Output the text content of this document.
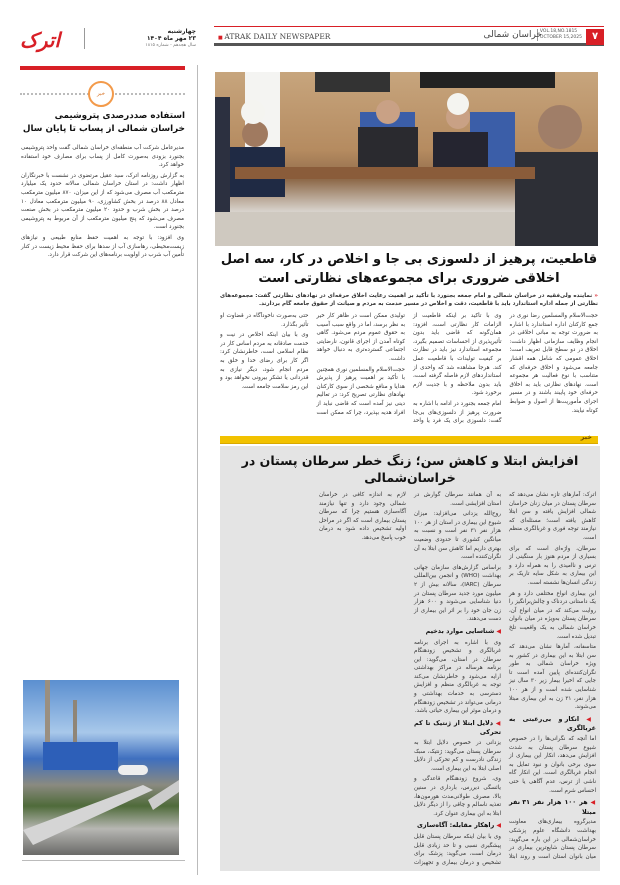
۷
VOL.18,NO.1815
OCTOBER 15,2025
خراسان شمالی
■ ATRAK DAILY NEWSPAPER
اترک	چهارشنبه
۲۳ مهر ماه ۱۴۰۴
سال هجدهم - شماره ۱۸۱۵
خبر
استفاده صددرصدی پتروشیمی
خراسان شمالی از پساب تا پایان سال

مدیرعامل شرکت آب منطقه‌ای خراسان شمالی گفت واحد پتروشیمی بجنورد بزودی به‌صورت کامل از پساب برای مصارف خود استفاده خواهد کرد.

به گزارش روزنامه اترک، سید عقیل مرتضوی در نشست با خبرنگاران اظهار داشت: در استان خراسان شمالی سالانه حدود یک میلیارد مترمکعب آب مصرف می‌شود که از این میزان، ۸۷۰ میلیون مترمکعب معادل ۸۸ درصد در بخش کشاورزی، ۹۰ میلیون مترمکعب معادل ۱۰ درصد در بخش شرب و حدود ۲۰ میلیون مترمکعب در بخش صنعت مصرف می‌شود که پنج میلیون مترمکعب از آن مربوط به پتروشیمی بجنورد است.

وی افزود: با توجه به اهمیت حفظ منابع طبیعی و نیازهای زیست‌محیطی، رهاسازی آب از سدها برای حفظ محیط زیست در کنار تأمین آب شرب در اولویت برنامه‌های این شرکت قرار دارد.	قاطعیت، پرهیز از دلسوزی بی جا و اخلاص در کار، سه اصل اخلاقی ضروری برای مجموعه‌های نظارتی است
« نماینده ولی‌فقیه در خراسان شمالی و امام جمعه بجنورد با تأکید بر اهمیت رعایت اخلاق حرفه‌ای در نهادهای نظارتی گفت: مجموعه‌های نظارتی از جمله اداره استاندارد باید با قاطعیت، دقت و اخلاص در مسیر خدمت به مردم و صیانت از حقوق جامعه گام بردارند.

حجت‌الاسلام والمسلمین رضا نوری در جمع کارکنان اداره استاندارد با اشاره به ضرورت توجه به مبانی اخلاقی در انجام وظایف سازمانی اظهار داشت: اخلاق در دو سطح قابل تعریف است؛ اخلاق عمومی که شامل همه اقشار جامعه می‌شود و اخلاق حرفه‌ای که متناسب با نوع فعالیت هر مجموعه است. نهادهای نظارتی باید به اخلاق حرفه‌ای خود پایبند باشند و در مسیر اجرای مأموریت‌ها از اصول و ضوابط کوتاه نیایند.

وی با تأکید بر اینکه قاطعیت از الزامات کار نظارتی است، افزود: همان‌گونه که قاضی باید بدون تأثیرپذیری از احساسات تصمیم بگیرد، مجموعه استاندارد نیز باید در نظارت بر کیفیت تولیدات با قاطعیت عمل کند. هرجا مشاهده شد که واحدی از استانداردهای لازم فاصله گرفته است، باید بدون ملاحظه و با جدیت لازم برخورد شود.

امام جمعه بجنورد در ادامه با اشاره به ضرورت پرهیز از دلسوزی‌های بی‌جا گفت: دلسوزی برای یک فرد یا واحد تولیدی ممکن است در ظاهر کار خیر به نظر برسد، اما در واقع سبب آسیب به حقوق عموم مردم می‌شود. گاهی کوتاه آمدن از اجرای قانون، نارضایتی اجتماعی گسترده‌تری به دنبال خواهد داشت.

حجت‌الاسلام والمسلمین نوری همچنین با تأکید بر اهمیت پرهیز از پذیرش هدایا و منافع شخصی از سوی کارکنان نهادهای نظارتی تصریح کرد: در تعالیم دینی نیز آمده است که قاضی نباید از افراد هدیه بپذیرد، چرا که ممکن است حتی به‌صورت ناخودآگاه در قضاوت او تأثیر بگذارد.

وی با بیان اینکه اخلاص در نیت و خدمت صادقانه به مردم اساس کار در نظام اسلامی است، خاطرنشان کرد: اگر کار برای رضای خدا و خلق به مردم انجام شود، دیگر نیازی به قدردانی یا تشکر بیرونی نخواهد بود و این رمز سلامت جامعه است.

خبر
افزایش ابتلا و کاهش سن؛ زنگ خطر سرطان پستان در خراسان‌شمالی

اترک: آمارهای تازه نشان می‌دهد که سرطان پستان در میان زنان خراسان شمالی افزایش یافته و سن ابتلا کاهش یافته است؛ مسئله‌ای که نیازمند توجه فوری و غربالگری منظم است.

سرطان، واژه‌ای است که برای بسیاری از مردم هنوز بار سنگینی از ترس و ناامیدی را به همراه دارد و این بیماری به شکل سایه تاریک بر زندگی انسان‌ها نشسته است.

این بیماری انواع مختلفی دارد و هر یک داستانی دردناک و چالش‌برانگیز را روایت می‌کند که در میان انواع آن، سرطان پستان به‌ویژه در میان بانوان خراسان شمالی به یک واقعیت تلخ تبدیل شده است.

متاسفانه، آمارها نشان می‌دهد که سن ابتلا به این بیماری در کشور به ویژه خراسان شمالی به طور نگران‌کننده‌ای پایین آمده است تا جایی که اخیرا بیمار زیر ۳۰ سال نیز شناسایی شده است و از هر ۱۰۰ هزار نفر، ۳۱ زن به این بیماری مبتلا می‌شوند.

◀ انکار و بی‌رغبتی به غربالگری

اما آنچه که نگرانی‌ها را در خصوص شیوع سرطان پستان به شدت افزایش می‌دهد، انکار این بیماری از سوی برخی بانوان و نبود تمایل به انجام غربالگری است. این انکار گاه ناشی از ترس، عدم آگاهی یا حتی احساس شرم است.

◀ هر ۱۰۰ هزار نفر ۳۱ نفر مبتلا

مدیرگروه بیماری‌های معاونت بهداشت دانشگاه علوم پزشکی خراسان‌شمالی در این باره می‌گوید: سرطان پستان شایع‌ترین بیماری در میان بانوان استان است و روند ابتلا به آن همانند سرطان گوارش در استان افزایشی است.

روح‌الله یزدانی می‌افزاید: میزان شیوع این بیماری در استان از هر ۱۰۰ هزار نفر ۳۱ نفر است و نسبت به میانگین کشوری تا حدودی وضعیت بهتری داریم اما کاهش سن ابتلا به آن نگران‌کننده است.

براساس گزارش‌های سازمان جهانی بهداشت (WHO) و انجمن بین‌المللی سرطان (IARC)، سالانه بیش از ۲ میلیون مورد جدید سرطان پستان در دنیا شناسایی می‌شوند و ۶۰۰ هزار زن جان خود را بر اثر این بیماری از دست می‌دهند.

◀ شناسایی موارد بدخیم

وی با اشاره به اجرای برنامه غربالگری و تشخیص زودهنگام سرطان در استان، می‌گوید: این برنامه هرساله در مراکز بهداشتی ارایه می‌شود و خاطرنشان می‌کند توجه به غربالگری منظم و افزایش دسترسی به خدمات بهداشتی و درمانی می‌تواند در تشخیص زودهنگام و درمان موثر این بیماری حیاتی باشد.

◀ دلایل ابتلا از ژنتیک تا کم تحرکی

یزدانی در خصوص دلایل ابتلا به سرطان پستان می‌گوید: ژنتیک، سبک زندگی نادرست و کم تحرکی از دلایل اصلی ابتلا به این بیماری است.

وی، شروع زودهنگام قاعدگی و یائسگی دیررس، بارداری در سنین بالا، مصرف طولانی‌مدت هورمون‌ها، تغذیه ناسالم و چاقی را از دیگر دلایل ابتلا به این بیماری عنوان کرد.

◀ راهکار مقابله: آگاه‌سازی

وی با بیان اینکه سرطان پستان قابل پیشگیری نسبی و تا حد زیادی قابل درمان است، می‌گوید: پزشک برای تشخیص و درمان بیماری و تجهیزات لازم به اندازه کافی در خراسان شمالی وجود دارد و تنها نیازمند آگاه‌سازی هستیم چرا که سرطان پستان بیماری است که اگر در مراحل اولیه تشخیص داده شود به درمان خوب پاسخ می‌دهد.
